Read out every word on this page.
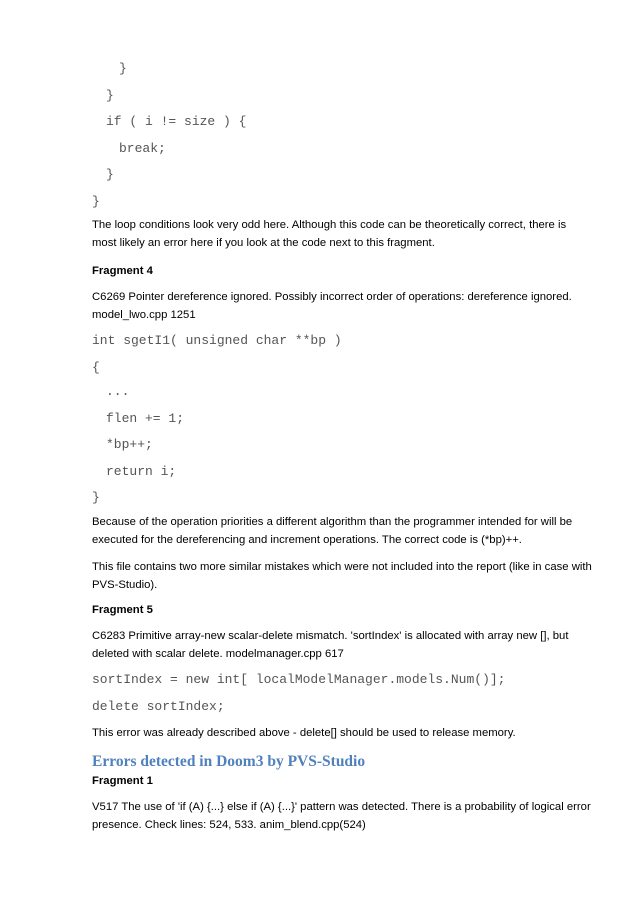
}
}
if ( i != size ) {
break;
}
}
The loop conditions look very odd here. Although this code can be theoretically correct, there is most likely an error here if you look at the code next to this fragment.
Fragment 4
C6269 Pointer dereference ignored. Possibly incorrect order of operations: dereference ignored. model_lwo.cpp 1251
int sgetI1( unsigned char **bp )
{
...
flen += 1;
*bp++;
return i;
}
Because of the operation priorities a different algorithm than the programmer intended for will be executed for the dereferencing and increment operations. The correct code is (*bp)++.
This file contains two more similar mistakes which were not included into the report (like in case with PVS-Studio).
Fragment 5
C6283 Primitive array-new scalar-delete mismatch. 'sortIndex' is allocated with array new [], but deleted with scalar delete. modelmanager.cpp 617
sortIndex = new int[ localModelManager.models.Num()];
delete sortIndex;
This error was already described above - delete[] should be used to release memory.
Errors detected in Doom3 by PVS-Studio
Fragment 1
V517 The use of 'if (A) {...} else if (A) {...}' pattern was detected. There is a probability of logical error presence. Check lines: 524, 533. anim_blend.cpp(524)
